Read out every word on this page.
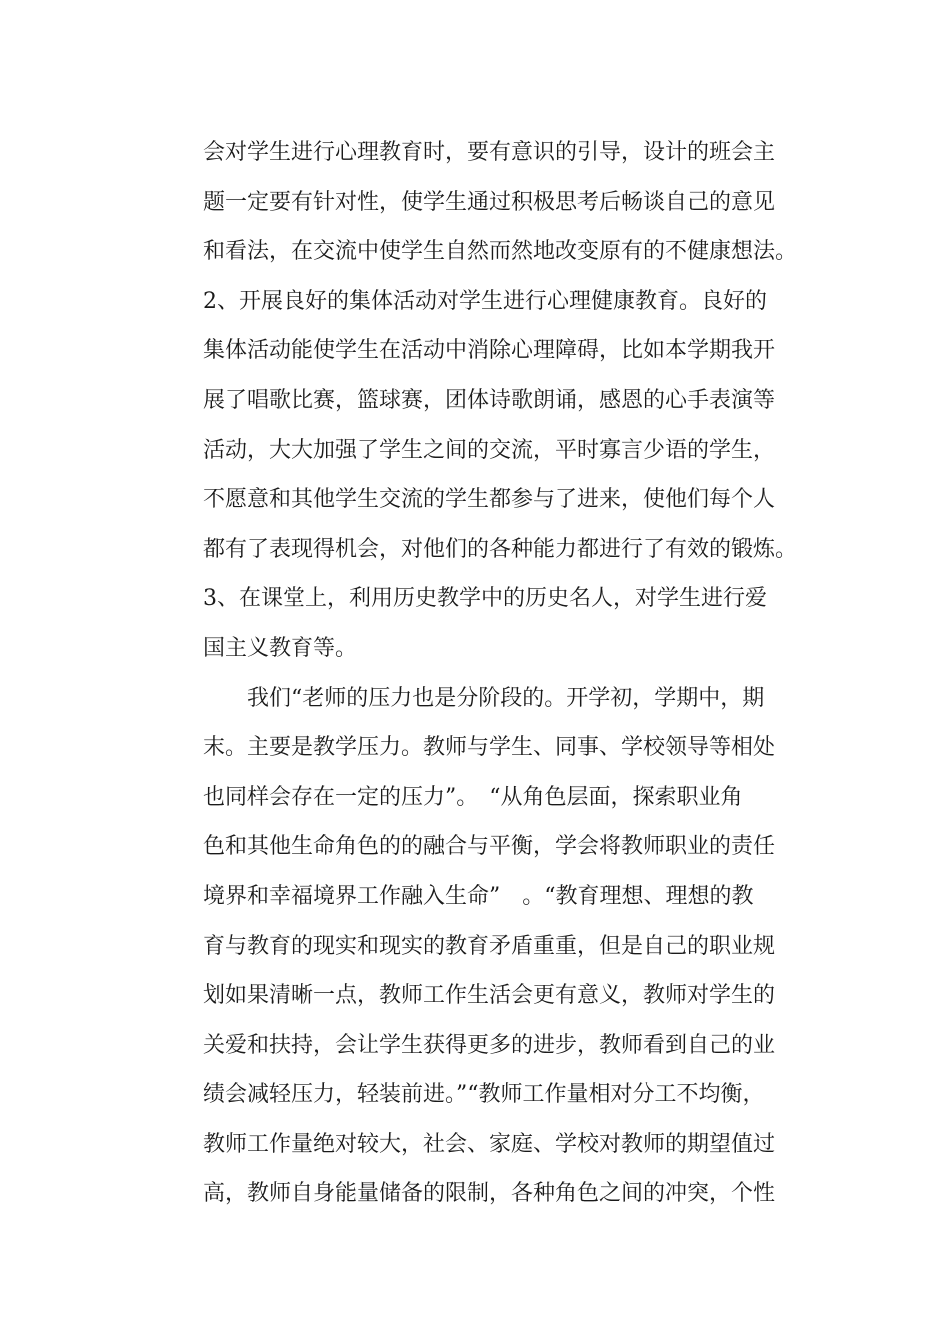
会对学生进行心理教育时，要有意识的引导，设计的班会主
题一定要有针对性，使学生通过积极思考后畅谈自己的意见
和看法，在交流中使学生自然而然地改变原有的不健康想法。
2、开展良好的集体活动对学生进行心理健康教育。良好的
集体活动能使学生在活动中消除心理障碍，比如本学期我开
展了唱歌比赛，篮球赛，团体诗歌朗诵，感恩的心手表演等
活动，大大加强了学生之间的交流，平时寡言少语的学生，
不愿意和其他学生交流的学生都参与了进来，使他们每个人
都有了表现得机会，对他们的各种能力都进行了有效的锻炼。
3、在课堂上，利用历史教学中的历史名人，对学生进行爱
国主义教育等。
我们“老师的压力也是分阶段的。开学初，学期中，期
末。主要是教学压力。教师与学生、同事、学校领导等相处
也同样会存在一定的压力”。　“从角色层面，探索职业角
色和其他生命角色的的融合与平衡，学会将教师职业的责任
境界和幸福境界工作融入生命”　。“教育理想、理想的教
育与教育的现实和现实的教育矛盾重重，但是自己的职业规
划如果清晰一点，教师工作生活会更有意义，教师对学生的
关爱和扶持，会让学生获得更多的进步，教师看到自己的业
绩会减轻压力，轻装前进。”“教师工作量相对分工不均衡，
教师工作量绝对较大，社会、家庭、学校对教师的期望值过
高，教师自身能量储备的限制，各种角色之间的冲突，个性
